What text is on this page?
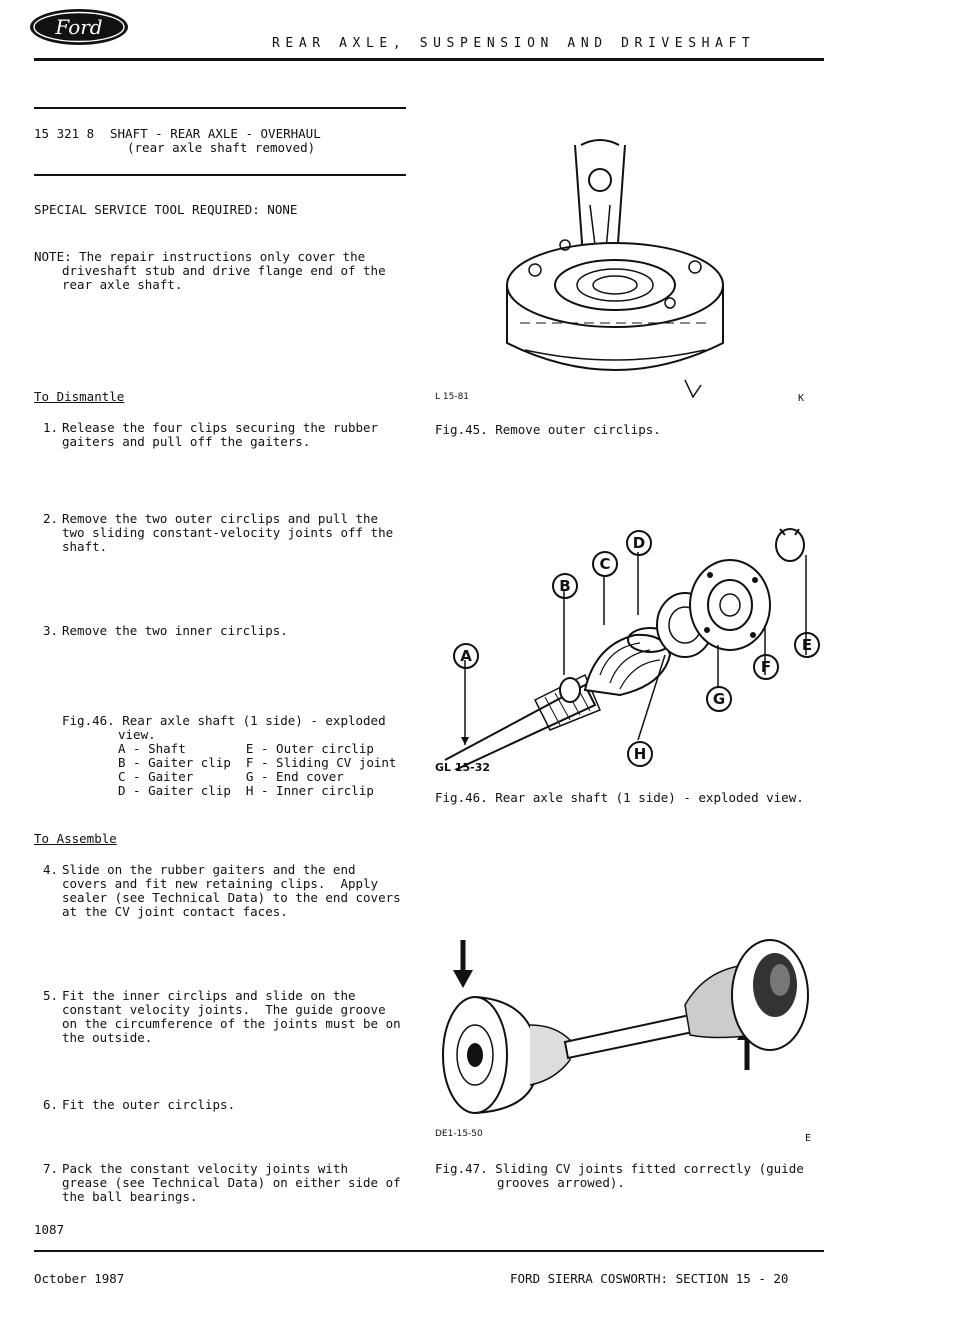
Ford
REAR AXLE, SUSPENSION AND DRIVESHAFT
15 321 8 SHAFT - REAR AXLE - OVERHAUL
(rear axle shaft removed)
SPECIAL SERVICE TOOL REQUIRED: NONE
NOTE: The repair instructions only cover the
driveshaft stub and drive flange end of the
rear axle shaft.
To Dismantle
1. Release the four clips securing the rubber
gaiters and pull off the gaiters.
2. Remove the two outer circlips and pull the
two sliding constant-velocity joints off the
shaft.
3. Remove the two inner circlips.
Fig.46. Rear axle shaft (1 side) - exploded
view.
A - Shaft        E - Outer circlip
B - Gaiter clip  F - Sliding CV joint
C - Gaiter       G - End cover
D - Gaiter clip  H - Inner circlip
To Assemble
4. Slide on the rubber gaiters and the end
covers and fit new retaining clips.  Apply
sealer (see Technical Data) to the end covers
at the CV joint contact faces.
5. Fit the inner circlips and slide on the
constant velocity joints.  The guide groove
on the circumference of the joints must be on
the outside.
6. Fit the outer circlips.
7. Pack the constant velocity joints with
grease (see Technical Data) on either side of
the ball bearings.
1087
L 15-81	K
Fig.45. Remove outer circlips.
A
B
C
D
E
F
G
H
GL 15-32
Fig.46. Rear axle shaft (1 side) - exploded view.
DE1-15-50	E
Fig.47. Sliding CV joints fitted correctly (guide
grooves arrowed).
October 1987	FORD SIERRA COSWORTH: SECTION 15 - 20
